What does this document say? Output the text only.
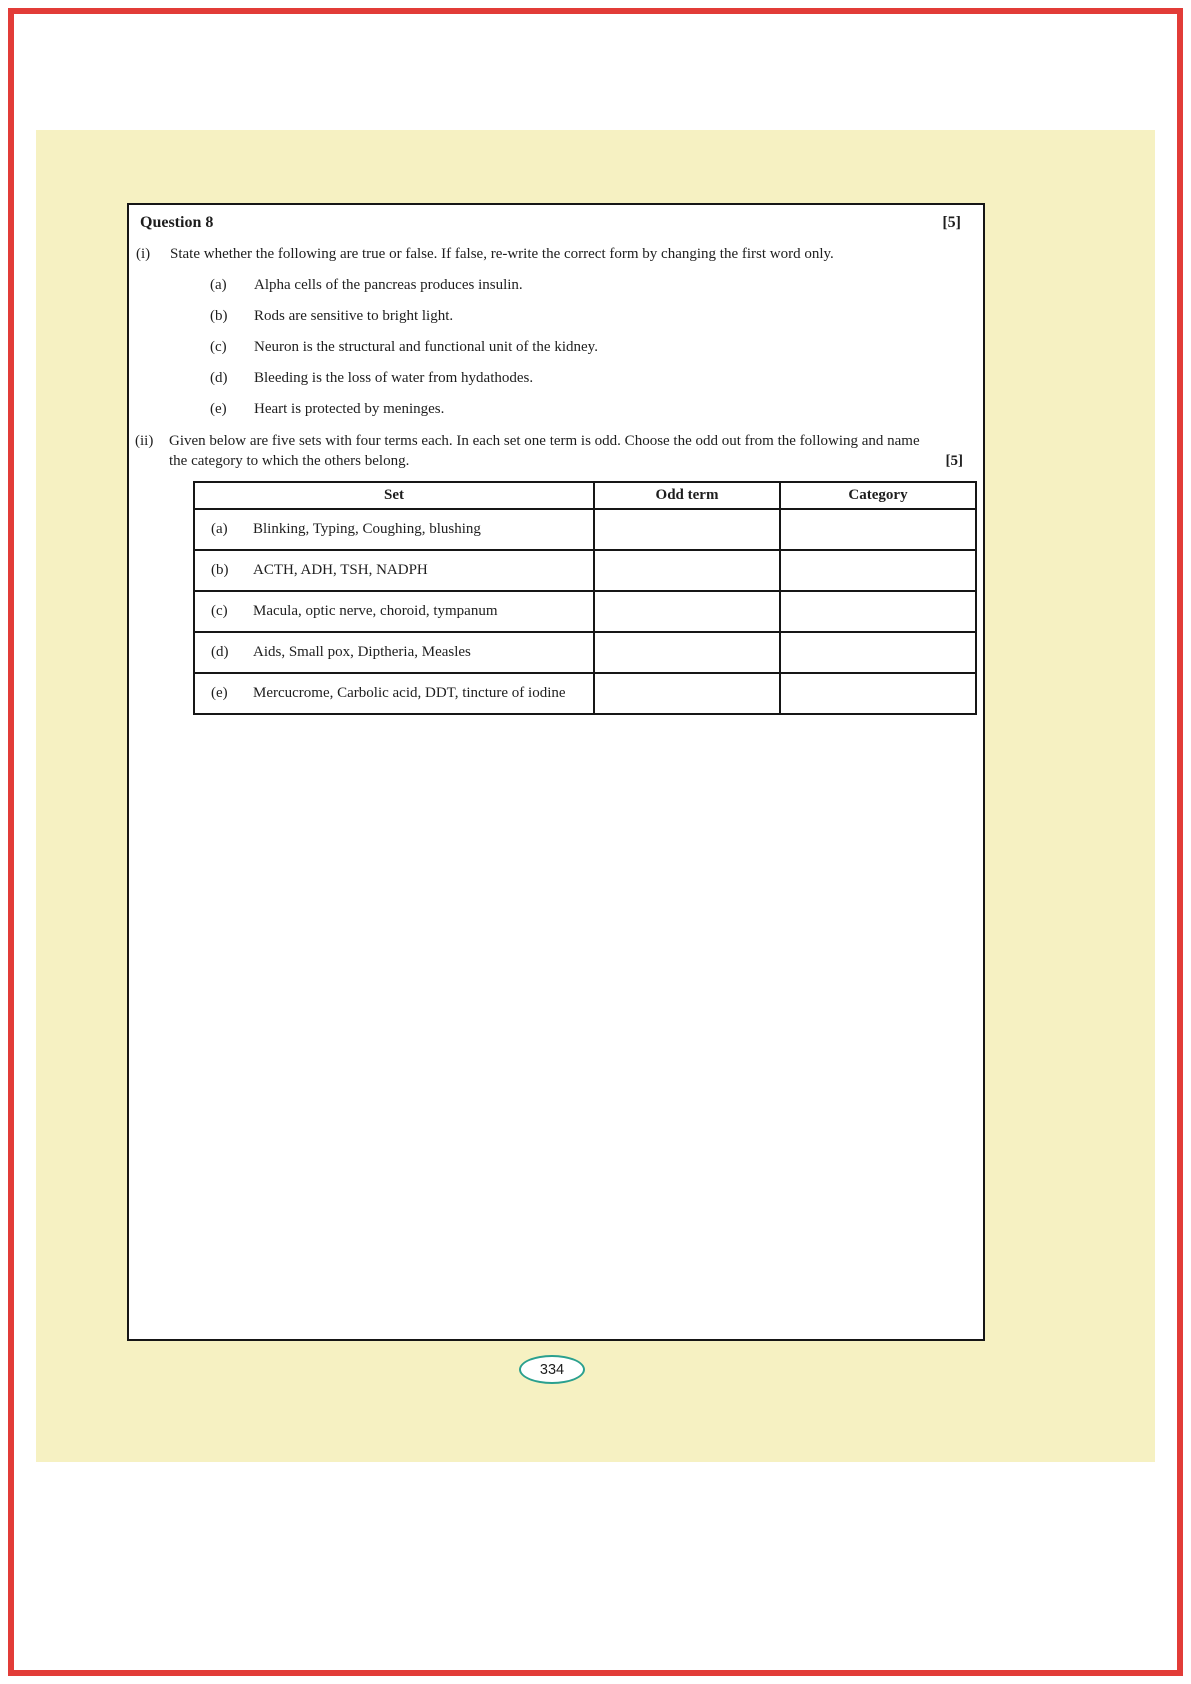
Question 8	[5]
(i)	State whether the following are true or false. If false, re-write the correct form by changing the first word only.
(a)	Alpha cells of the pancreas produces insulin.
(b)	Rods are sensitive to bright light.
(c)	Neuron is the structural and functional unit of the kidney.
(d)	Bleeding is the loss of water from hydathodes.
(e)	Heart is protected by meninges.
(ii)	Given below are five sets with four terms each. In each set one term is odd. Choose the odd out from the following and name
the category to which the others belong.	[5]
Set	Odd term	Category
(a) Blinking, Typing, Coughing, blushing		
(b) ACTH, ADH, TSH, NADPH		
(c) Macula, optic nerve, choroid, tympanum		
(d) Aids, Small pox, Diptheria, Measles		
(e) Mercucrome, Carbolic acid, DDT, tincture of iodine		
334
